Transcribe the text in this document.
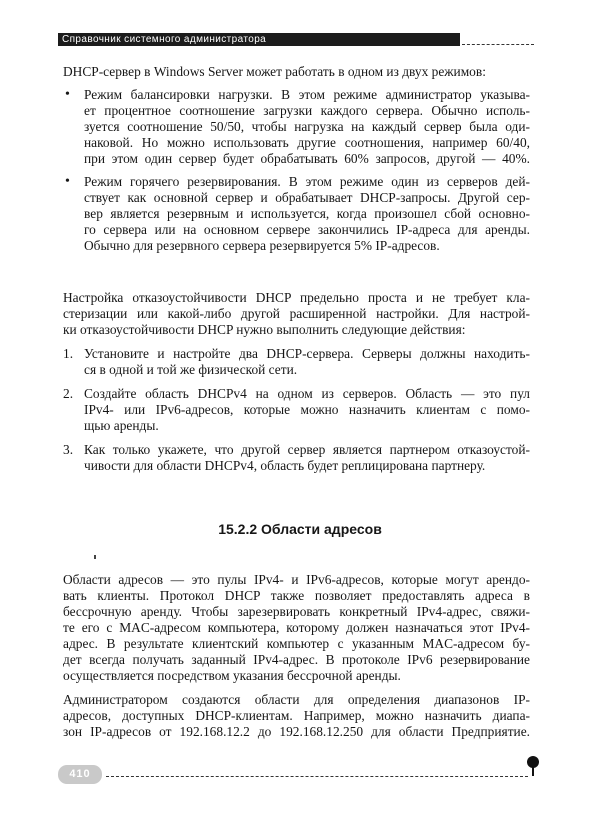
Справочник системного администратора
DHCP-сервер в Windows Server может работать в одном из двух режимов:
• Режим балансировки нагрузки. В этом режиме администратор указыва-
ет процентное соотношение загрузки каждого сервера. Обычно исполь-
зуется соотношение 50/50, чтобы нагрузка на каждый сервер была оди-
наковой. Но можно использовать другие соотношения, например 60/40,
при этом один сервер будет обрабатывать 60% запросов, другой — 40%.
• Режим горячего резервирования. В этом режиме один из серверов дей-
ствует как основной сервер и обрабатывает DHCP-запросы. Другой сер-
вер является резервным и используется, когда произошел сбой основно-
го сервера или на основном сервере закончились IP-адреса для аренды.
Обычно для резервного сервера резервируется 5% IP-адресов.
Настройка отказоустойчивости DHCP предельно проста и не требует кла-
стеризации или какой-либо другой расширенной настройки. Для настрой-
ки отказоустойчивости DHCP нужно выполнить следующие действия:
1. Установите и настройте два DHCP-сервера. Серверы должны находить-
ся в одной и той же физической сети.
2. Создайте область DHCPv4 на одном из серверов. Область — это пул
IPv4- или IPv6-адресов, которые можно назначить клиентам с помо-
щью аренды.
3. Как только укажете, что другой сервер является партнером отказоустой-
чивости для области DHCPv4, область будет реплицирована партнеру.
15.2.2 Области адресов
Области адресов — это пулы IPv4- и IPv6-адресов, которые могут арендо-
вать клиенты. Протокол DHCP также позволяет предоставлять адреса в
бессрочную аренду. Чтобы зарезервировать конкретный IPv4-адрес, свяжи-
те его с MAC-адресом компьютера, которому должен назначаться этот IPv4-
адрес. В результате клиентский компьютер с указанным MAC-адресом бу-
дет всегда получать заданный IPv4-адрес. В протоколе IPv6 резервирование
осуществляется посредством указания бессрочной аренды.
Администратором создаются области для определения диапазонов IP-
адресов, доступных DHCP-клиентам. Например, можно назначить диапа-
зон IP-адресов от 192.168.12.2 до 192.168.12.250 для области Предприятие.
410
